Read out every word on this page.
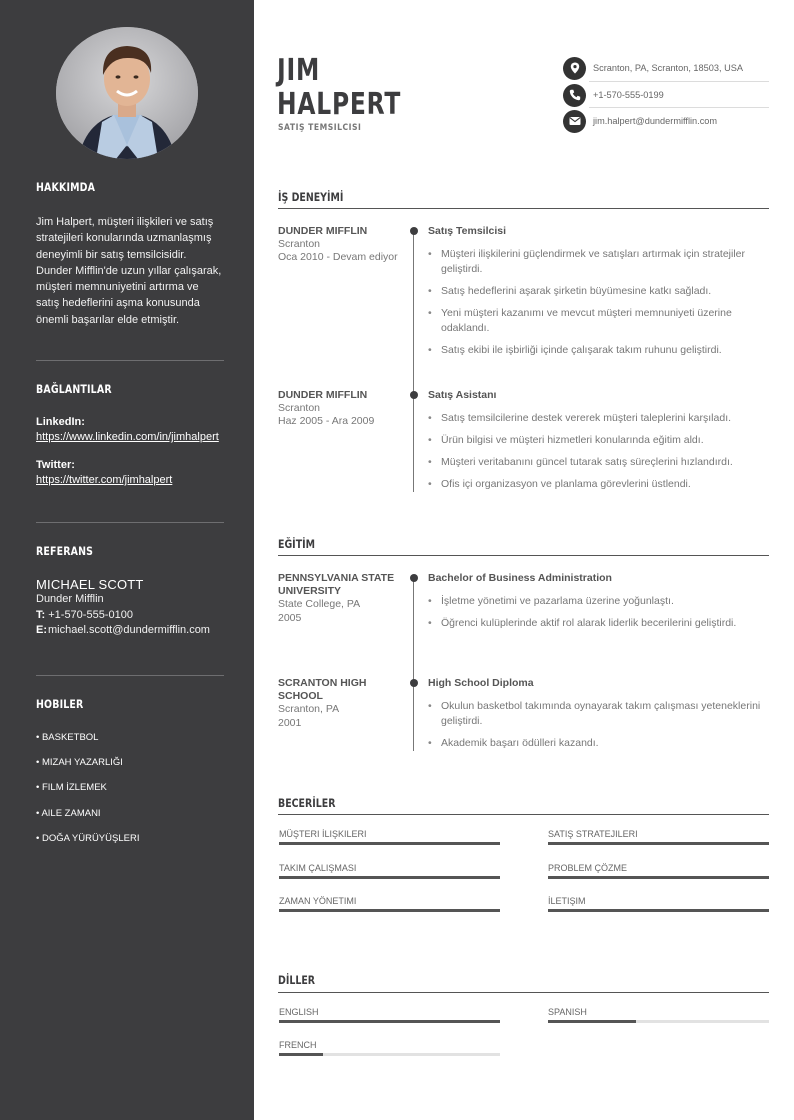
HAKKIMDA
Jim Halpert, müşteri ilişkileri ve satış stratejileri konularında uzmanlaşmış deneyimli bir satış temsilcisidir. Dunder Mifflin'de uzun yıllar çalışarak, müşteri memnuniyetini artırma ve satış hedeflerini aşma konusunda önemli başarılar elde etmiştir.
BAĞLANTILAR
LinkedIn:
https://www.linkedin.com/in/jimhalpert
Twitter:
https://twitter.com/jimhalpert
REFERANS
MICHAEL SCOTT
Dunder Mifflin
T: +1-570-555-0100
E: michael.scott@dundermifflin.com
HOBILER
• BASKETBOL
• MIZAH YAZARLIĞI
• FILM İZLEMEK
• AILE ZAMANI
• DOĞA YÜRÜYÜŞLERI
JIM
HALPERT
SATIŞ TEMSILCISI
Scranton, PA, Scranton, 18503, USA
+1-570-555-0199
jim.halpert@dundermifflin.com
İŞ DENEYİMİ
DUNDER MIFFLIN
Scranton
Oca 2010 - Devam ediyor
Satış Temsilcisi
• Müşteri ilişkilerini güçlendirmek ve satışları artırmak için stratejiler geliştirdi.
• Satış hedeflerini aşarak şirketin büyümesine katkı sağladı.
• Yeni müşteri kazanımı ve mevcut müşteri memnuniyeti üzerine odaklandı.
• Satış ekibi ile işbirliği içinde çalışarak takım ruhunu geliştirdi.
DUNDER MIFFLIN
Scranton
Haz 2005 - Ara 2009
Satış Asistanı
• Satış temsilcilerine destek vererek müşteri taleplerini karşıladı.
• Ürün bilgisi ve müşteri hizmetleri konularında eğitim aldı.
• Müşteri veritabanını güncel tutarak satış süreçlerini hızlandırdı.
• Ofis içi organizasyon ve planlama görevlerini üstlendi.
EĞİTİM
PENNSYLVANIA STATE UNIVERSITY
State College, PA
2005
Bachelor of Business Administration
• İşletme yönetimi ve pazarlama üzerine yoğunlaştı.
• Öğrenci kulüplerinde aktif rol alarak liderlik becerilerini geliştirdi.
SCRANTON HIGH SCHOOL
Scranton, PA
2001
High School Diploma
• Okulun basketbol takımında oynayarak takım çalışması yeteneklerini geliştirdi.
• Akademik başarı ödülleri kazandı.
BECERİLER
MÜŞTERI İLIŞKILERI	SATIŞ STRATEJILERI
TAKIM ÇALIŞMASI	PROBLEM ÇÖZME
ZAMAN YÖNETIMI	İLETIŞIM
DİLLER
ENGLISH	SPANISH
FRENCH
